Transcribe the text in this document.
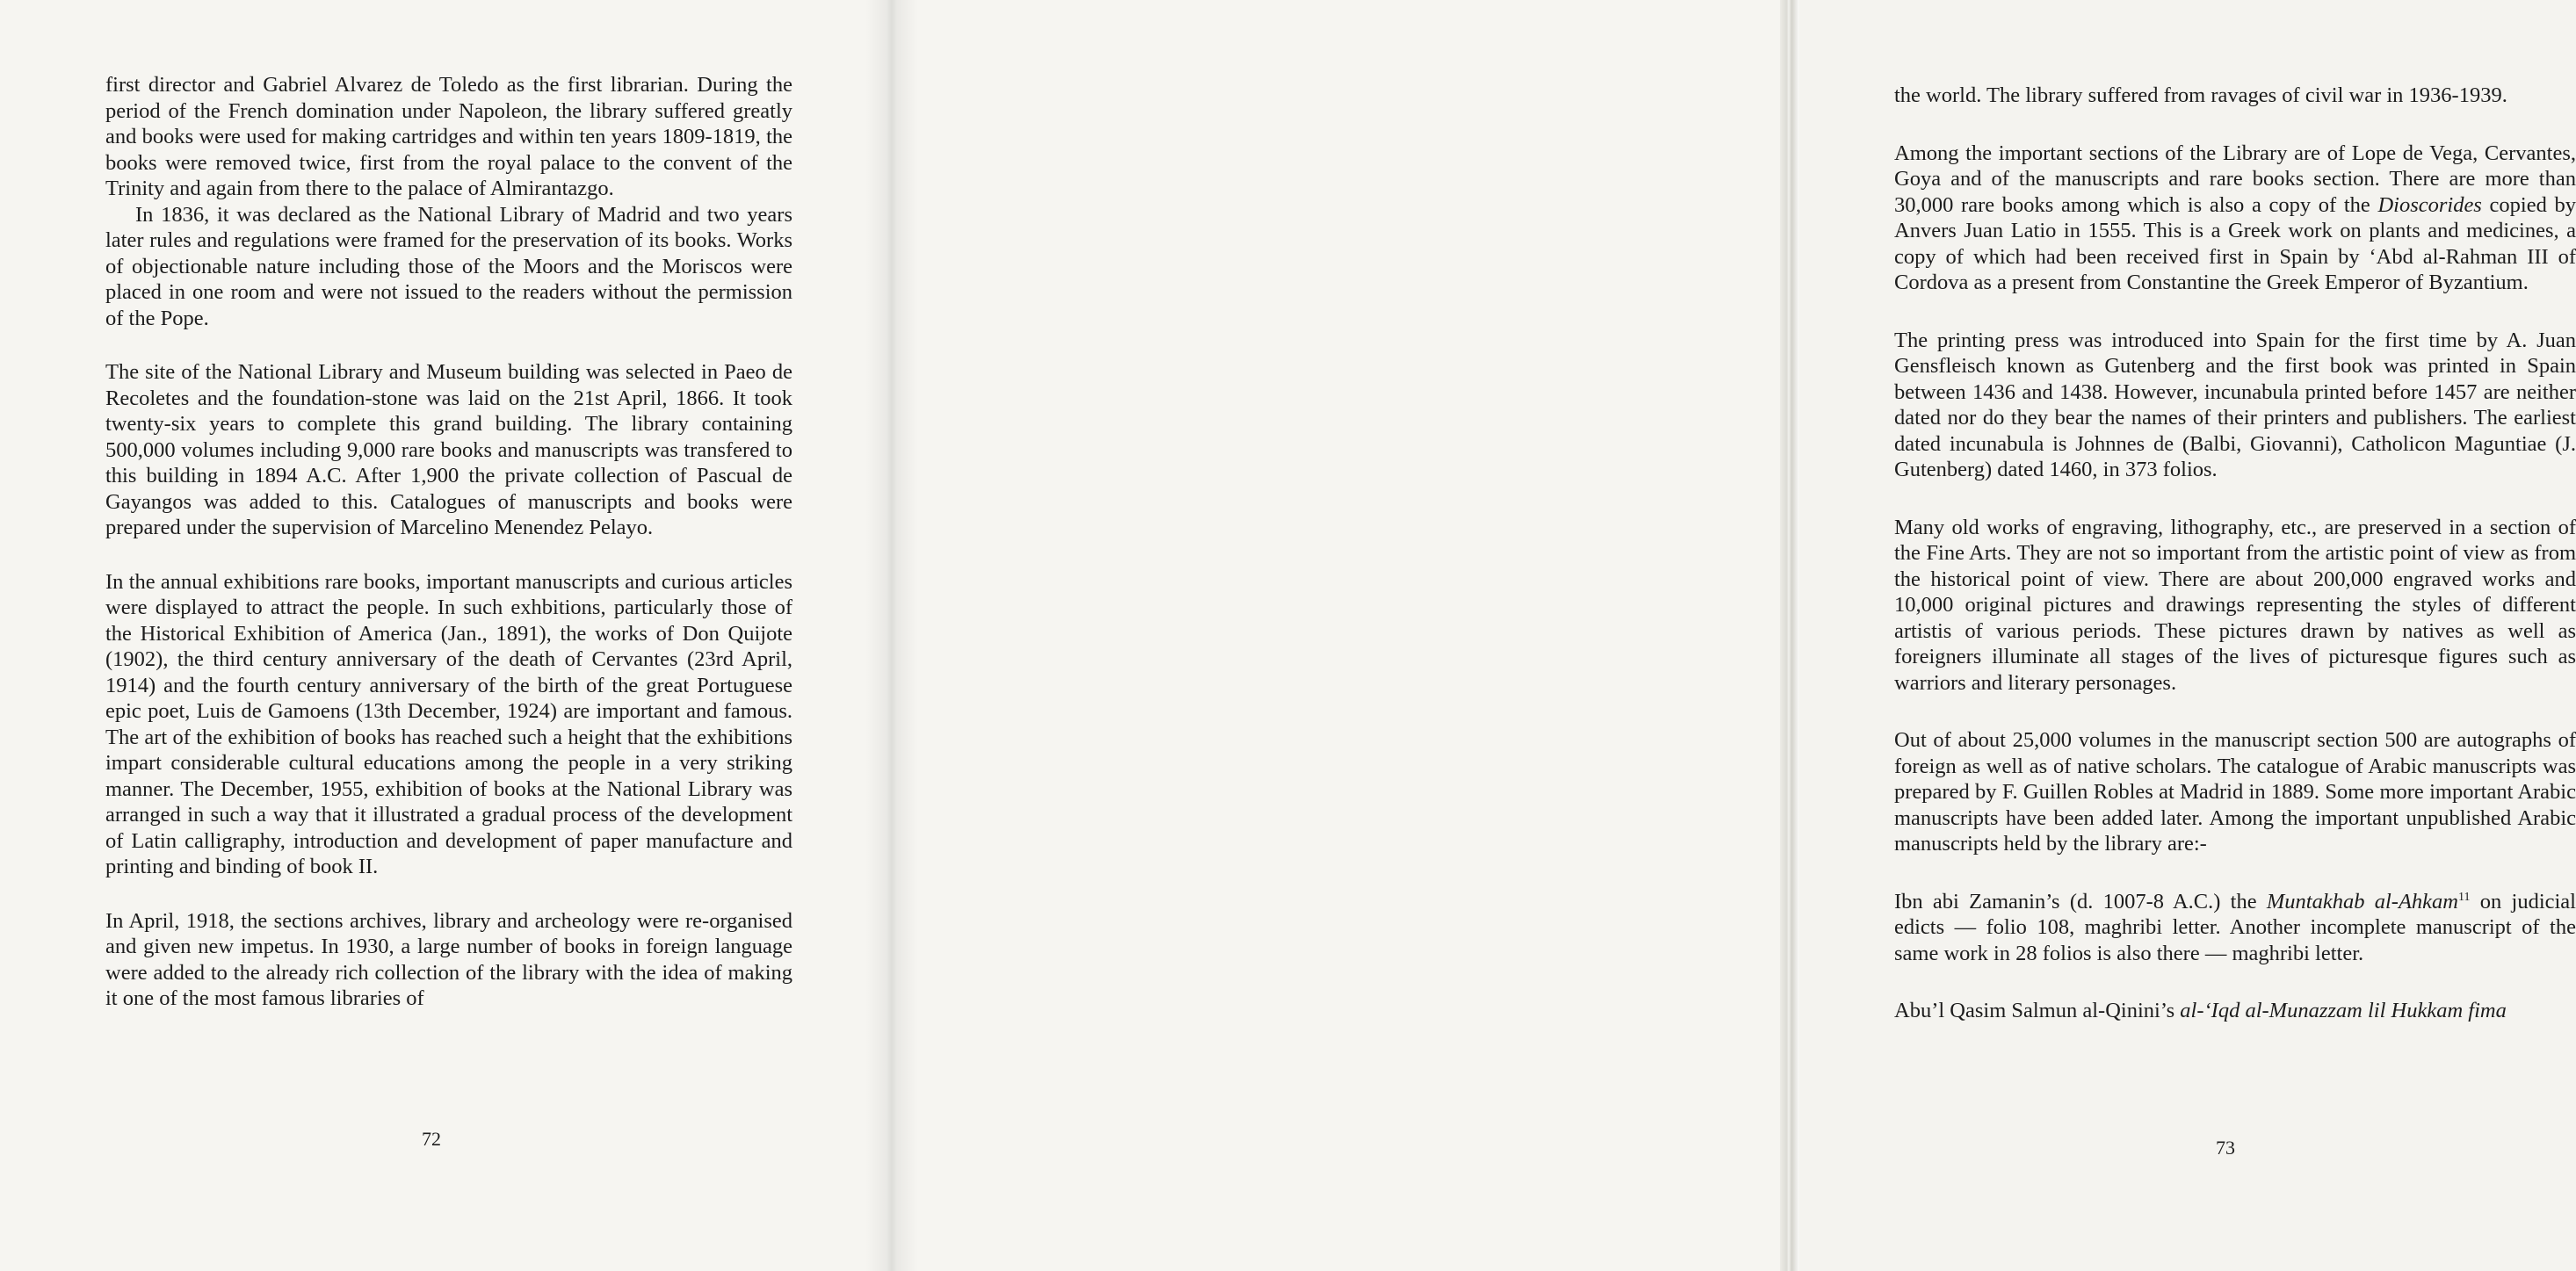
first director and Gabriel Alvarez de Toledo as the first librarian. During the period of the French domination under Napoleon, the library suffered greatly and books were used for making cartridges and within ten years 1809-1819, the books were removed twice, first from the royal palace to the convent of the Trinity and again from there to the palace of Almirantazgo.

In 1836, it was declared as the National Library of Madrid and two years later rules and regulations were framed for the preservation of its books. Works of objectionable nature including those of the Moors and the Moriscos were placed in one room and were not issued to the readers without the permission of the Pope.

The site of the National Library and Museum building was selected in Paeo de Recoletes and the foundation-stone was laid on the 21st April, 1866. It took twenty-six years to complete this grand building. The library containing 500,000 volumes including 9,000 rare books and manuscripts was transfered to this building in 1894 A.C. After 1,900 the private collection of Pascual de Gayangos was added to this. Catalogues of manuscripts and books were prepared under the supervision of Marcelino Menendez Pelayo.

In the annual exhibitions rare books, important manuscripts and curious articles were displayed to attract the people. In such exhbitions, particularly those of the Historical Exhibition of America (Jan., 1891), the works of Don Quijote (1902), the third century anniversary of the death of Cervantes (23rd April, 1914) and the fourth century anniversary of the birth of the great Portuguese epic poet, Luis de Gamoens (13th December, 1924) are important and famous. The art of the exhibition of books has reached such a height that the exhibitions impart considerable cultural educations among the people in a very striking manner. The December, 1955, exhibition of books at the National Library was arranged in such a way that it illustrated a gradual process of the development of Latin calligraphy, introduction and development of paper manufacture and printing and binding of book II.

In April, 1918, the sections archives, library and archeology were re-organised and given new impetus. In 1930, a large number of books in foreign language were added to the already rich collection of the library with the idea of making it one of the most famous libraries of

72

the world. The library suffered from ravages of civil war in 1936-1939.

Among the important sections of the Library are of Lope de Vega, Cervantes, Goya and of the manuscripts and rare books section. There are more than 30,000 rare books among which is also a copy of the Dioscorides copied by Anvers Juan Latio in 1555. This is a Greek work on plants and medicines, a copy of which had been received first in Spain by ‘Abd al-Rahman III of Cordova as a present from Constantine the Greek Emperor of Byzantium.

The printing press was introduced into Spain for the first time by A. Juan Gensfleisch known as Gutenberg and the first book was printed in Spain between 1436 and 1438. However, incunabula printed before 1457 are neither dated nor do they bear the names of their printers and publishers. The earliest dated incunabula is Johnnes de (Balbi, Giovanni), Catholicon Maguntiae (J. Gutenberg) dated 1460, in 373 folios.

Many old works of engraving, lithography, etc., are preserved in a section of the Fine Arts. They are not so important from the artistic point of view as from the historical point of view. There are about 200,000 engraved works and 10,000 original pictures and drawings representing the styles of different artistis of various periods. These pictures drawn by natives as well as foreigners illuminate all stages of the lives of picturesque figures such as warriors and literary personages.

Out of about 25,000 volumes in the manuscript section 500 are autographs of foreign as well as of native scholars. The catalogue of Arabic manuscripts was prepared by F. Guillen Robles at Madrid in 1889. Some more important Arabic manuscripts have been added later. Among the important unpublished Arabic manuscripts held by the library are:-

Ibn abi Zamanin’s (d. 1007-8 A.C.) the Muntakhab al-Ahkam$^{11}$ on judicial edicts — folio 108, maghribi letter. Another incomplete manuscript of the same work in 28 folios is also there — maghribi letter.

Abu’l Qasim Salmun al-Qinini’s al-‘Iqd al-Munazzam lil Hukkam fima

73
